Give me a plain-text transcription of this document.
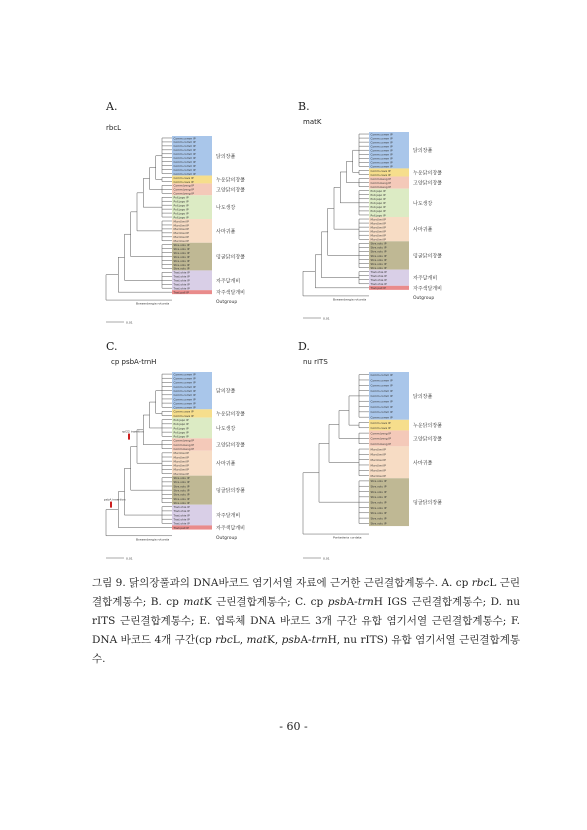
A.
rbcL
Comm.comm IP
Comm.comm IP
Comm.comm IP
Comm.comm IP
Comm.comm IP
Comm.comm IP
Comm.comm IP
Comm.comm IP
Comm.comm IP
Comm.comm IP
닭의장풀
Comm.cava IP
Comm.cava IP	누운닭의장풀
Comm.beng IP
Comm.beng IP
Comm.beng IP
고양닭의장풀
Poll.japo IP
Poll.japo IP
Poll.japo IP
Poll.japo IP
Poll.japo IP
Poll.japo IP
나도생강
Murd.kei IP
Murd.kei IP
Murd.kei IP
Murd.kei IP
Murd.kei IP
Murd.kei IP
사마귀풀
Stre.volu IP
Stre.volu IP
Stre.volu IP
Stre.volu IP
Stre.volu IP
Stre.volu IP
Stre.volu IP
덩굴닭의장풀
Trad.ohie IP
Trad.ohie IP
Trad.ohie IP
Trad.ohie IP
Trad.ohie IP
자주달개비
Trad.pall IP	자주색달개비
Boesenbergia rotunda	Outgroup
0.01
B.
matK
Comm.comm IP
Comm.comm IP
Comm.comm IP
Comm.comm IP
Comm.comm IP
Comm.comm IP
Comm.comm IP
Comm.comm IP
Comm.comm IP
닭의장풀
Comm.cava IP
Comm.cava IP	누운닭의장풀
Comm.beng IP
Comm.beng IP
Comm.beng IP
고양닭의장풀
Poll.japo IP
Poll.japo IP
Poll.japo IP
Poll.japo IP
Poll.japo IP
Poll.japo IP
Poll.japo IP
나도생강
Murd.kei IP
Murd.kei IP
Murd.kei IP
Murd.kei IP
Murd.kei IP
Murd.kei IP
사마귀풀
Stre.volu IP
Stre.volu IP
Stre.volu IP
Stre.volu IP
Stre.volu IP
Stre.volu IP
Stre.volu IP
덩굴닭의장풀
Trad.ohie IP
Trad.ohie IP
Trad.ohie IP
Trad.ohie IP
자주달개비
Trad.pall IP	자주색달개비
Boesenbergia rotunda	Outgroup
0.01
C.
cp psbA-trnH
Comm.comm IP
Comm.comm IP
Comm.comm IP
Comm.comm IP
Comm.comm IP
Comm.comm IP
Comm.comm IP
Comm.comm IP
Comm.comm IP
닭의장풀
Comm.cava IP
Comm.cava IP	누운닭의장풀
Poll.japo IP
Poll.japo IP
Poll.japo IP
Poll.japo IP
Poll.japo IP
나도생강
Comm.beng IP
Comm.beng IP
Comm.beng IP
고양닭의장풀
Murd.kei IP
Murd.kei IP
Murd.kei IP
Murd.kei IP
Murd.kei IP
Murd.kei IP
사마귀풀
Stre.volu IP
Stre.volu IP
Stre.volu IP
Stre.volu IP
Stre.volu IP
Stre.volu IP
Stre.volu IP
덩굴닭의장풀
Trad.ohie IP
Trad.ohie IP
Trad.ohie IP
Trad.ohie IP
Trad.ohie IP
자주달개비
Trad.pall IP	자주색달개비
Boesenbergia rotunda	Outgroup
rpl22 insertion
psbA insertion
0.01
D.
nu rITS
Comm.comm IP
Comm.comm IP
Comm.comm IP
Comm.comm IP
Comm.comm IP
Comm.comm IP
Comm.comm IP
Comm.comm IP
Comm.comm IP
닭의장풀
Comm.cava IP
Comm.cava IP	누운닭의장풀
Comm.beng IP
Comm.beng IP
Comm.beng IP
고양닭의장풀
Murd.kei IP
Murd.kei IP
Murd.kei IP
Murd.kei IP
Murd.kei IP
Murd.kei IP
사마귀풀
Stre.volu IP
Stre.volu IP
Stre.volu IP
Stre.volu IP
Stre.volu IP
Stre.volu IP
Stre.volu IP
Stre.volu IP
Stre.volu IP
덩굴닭의장풀
Pontederia cordata
0.01
그림 9. 닭의장풀과의 DNA바코드 염기서열 자료에 근거한 근린결합계통수. A. cp rbcL 근린결합계통수; B. cp matK 근린결합계통수; C. cp psbA-trnH IGS 근린결합계통수; D. nu rITS 근린결합계통수; E. 엽록체 DNA 바코드 3개 구간 유합 염기서열 근린결합계통수; F. DNA 바코드 4개 구간(cp rbcL, matK, psbA-trnH, nu rITS) 유합 염기서열 근린결합계통수.
- 60 -
